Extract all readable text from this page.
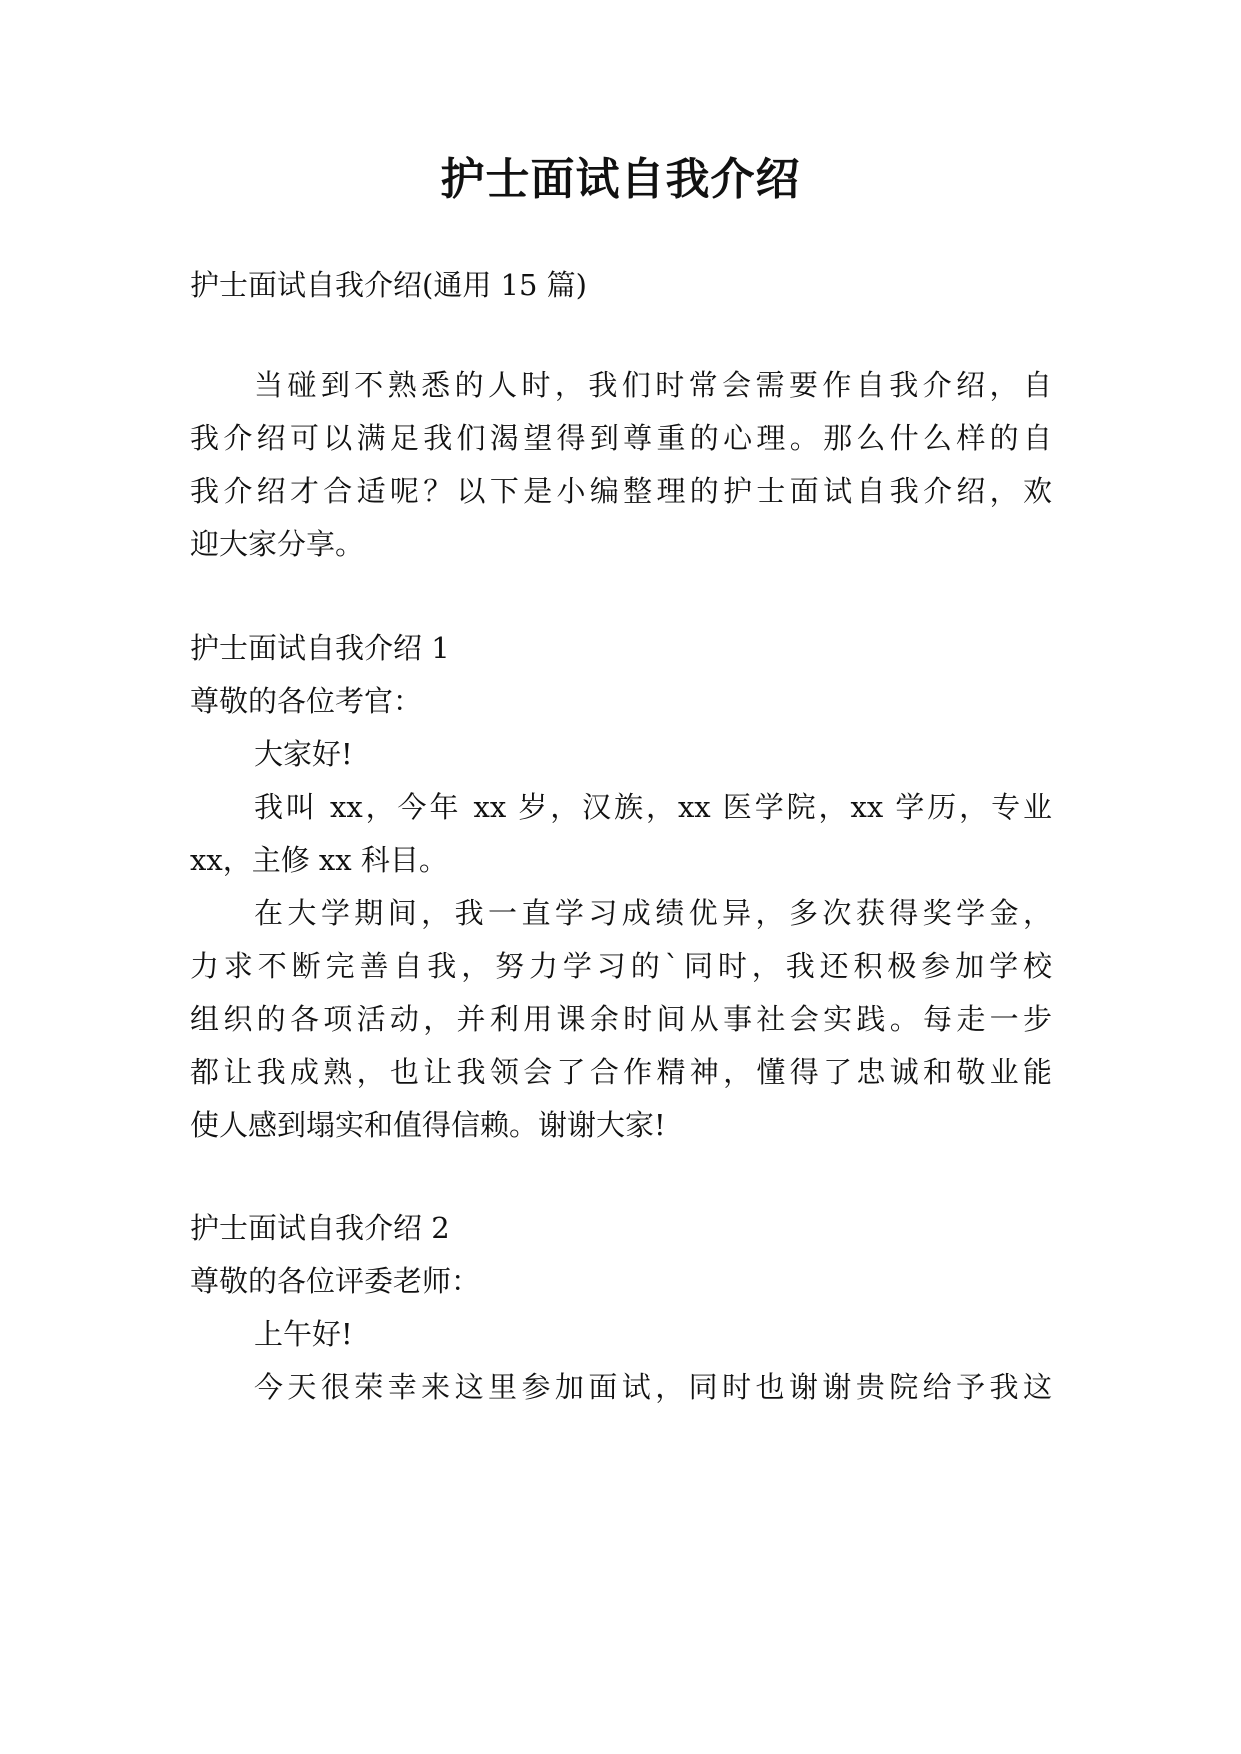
护士面试自我介绍
护士面试自我介绍(通用 15 篇)
当碰到不熟悉的人时，我们时常会需要作自我介绍，自
我介绍可以满足我们渴望得到尊重的心理。那么什么样的自
我介绍才合适呢？以下是小编整理的护士面试自我介绍，欢
迎大家分享。
护士面试自我介绍 1
尊敬的各位考官：
大家好!
我叫 xx，今年 xx 岁，汉族，xx 医学院，xx 学历，专业
xx，主修 xx 科目。
在大学期间，我一直学习成绩优异，多次获得奖学金，
力求不断完善自我，努力学习的`同时，我还积极参加学校
组织的各项活动，并利用课余时间从事社会实践。每走一步
都让我成熟，也让我领会了合作精神，懂得了忠诚和敬业能
使人感到塌实和值得信赖。谢谢大家!
护士面试自我介绍 2
尊敬的各位评委老师：
上午好!
今天很荣幸来这里参加面试，同时也谢谢贵院给予我这
